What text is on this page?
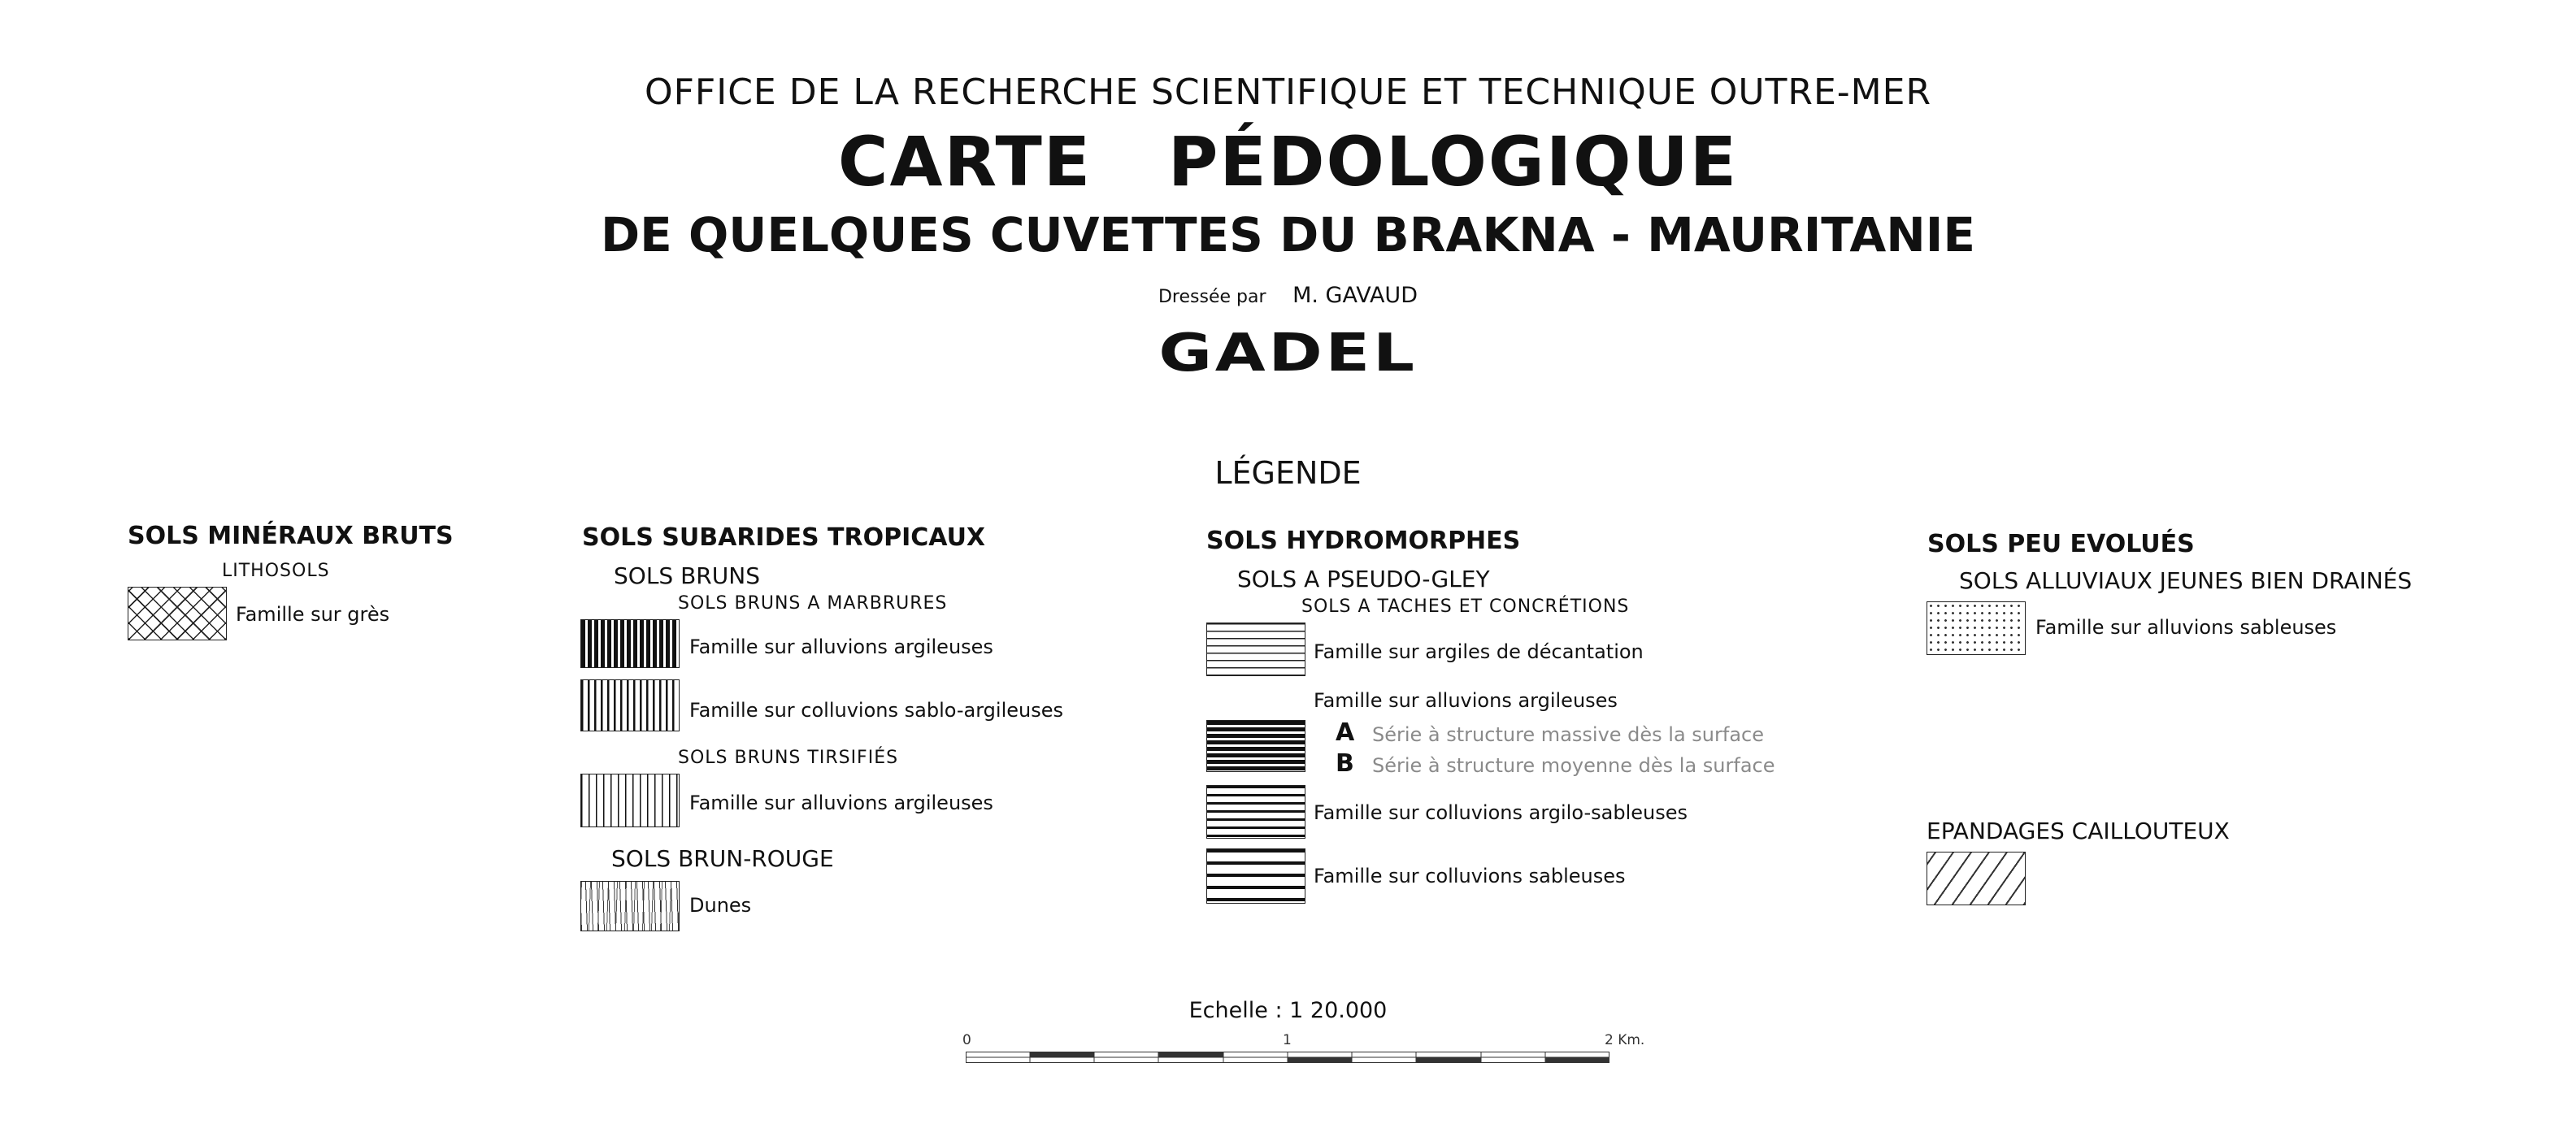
OFFICE DE LA RECHERCHE SCIENTIFIQUE ET TECHNIQUE OUTRE-MER
CARTE   PÉDOLOGIQUE
DE QUELQUES CUVETTES DU BRAKNA - MAURITANIE
Dressée par M. GAVAUD
GADEL
LÉGENDE
SOLS MINÉRAUX BRUTS
LITHOSOLS
Famille sur grès
SOLS SUBARIDES TROPICAUX
SOLS BRUNS
SOLS BRUNS A MARBRURES
Famille sur alluvions argileuses
Famille sur colluvions sablo-argileuses
SOLS BRUNS TIRSIFIÉS
Famille sur alluvions argileuses
SOLS BRUN-ROUGE
Dunes
SOLS HYDROMORPHES
SOLS A PSEUDO-GLEY
SOLS A TACHES ET CONCRÉTIONS
Famille sur argiles de décantation
Famille sur alluvions argileuses
A Série à structure massive dès la surface
B Série à structure moyenne dès la surface
Famille sur colluvions argilo-sableuses
Famille sur colluvions sableuses
SOLS PEU EVOLUÉS
SOLS ALLUVIAUX JEUNES BIEN DRAINÉS
Famille sur alluvions sableuses
EPANDAGES CAILLOUTEUX
Echelle : 1 20.000
0	1	2 Km.
